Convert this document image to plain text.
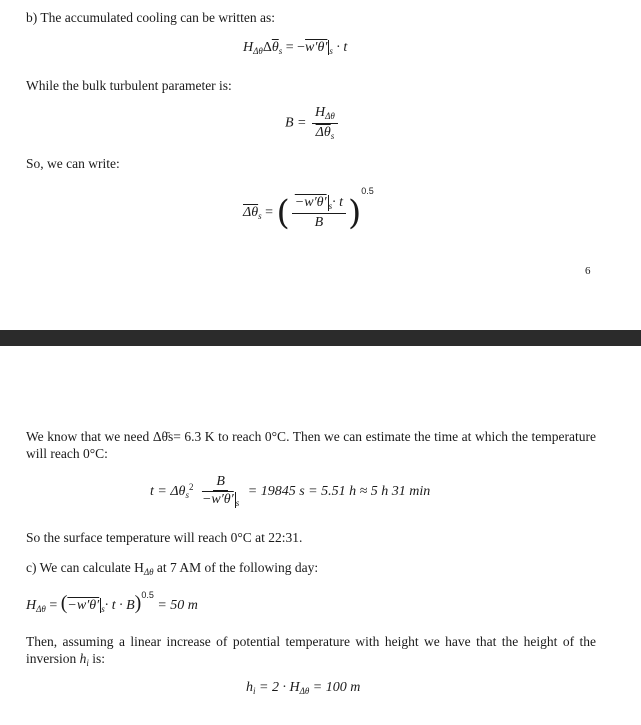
b) The accumulated cooling can be written as:
$H_{\Delta\theta}\Delta\overline{\theta}_s = -w'\theta'$ $_s$ · t
While the bulk turbulent parameter is:
$B = \frac{H_{\Delta\theta}}{\overline{\Delta\theta}_s}$
So, we can write:
$\overline{\Delta\theta}_s$ = ( $\frac{-w'\theta' _s\cdot t}{B} )^{0.5}$
6
We know that we need Δθ̄s= 6.3 K to reach 0°C. Then we can estimate the time at which the temperature will reach 0°C:
$t = \Delta\theta_s^2 \frac{B}{-w'\theta' _s} = 19845$ s = 5.51 h ≈ 5 h 31 min
So the surface temperature will reach 0°C at 22:31.
c) We can calculate $H_{\Delta\theta}$ at 7 AM of the following day:
$H_{\Delta\theta} = (-w'\theta'$ $_s$· t · B)$^{0.5}$ = 50 m
Then, assuming a linear increase of potential temperature with height we have that the height of the inversion $h_i$ is:
$h_i = 2 \cdot H_{\Delta\theta} = 100$ m
